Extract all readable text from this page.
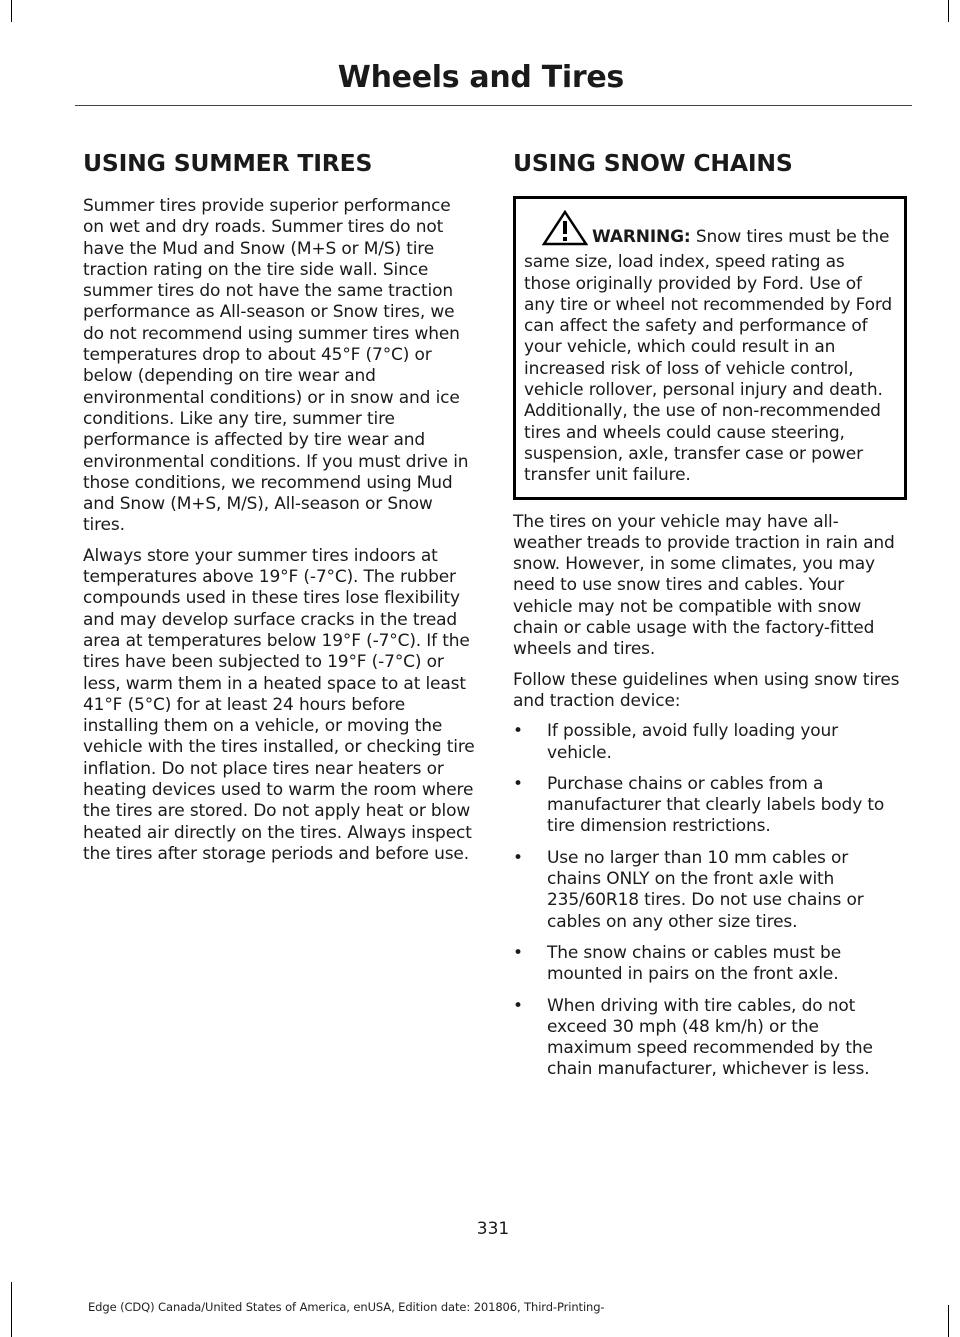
Wheels and Tires
USING SUMMER TIRES

Summer tires provide superior performance on wet and dry roads. Summer tires do not have the Mud and Snow (M+S or M/S) tire traction rating on the tire side wall. Since summer tires do not have the same traction performance as All-season or Snow tires, we do not recommend using summer tires when temperatures drop to about 45°F (7°C) or below (depending on tire wear and environmental conditions) or in snow and ice conditions. Like any tire, summer tire performance is affected by tire wear and environmental conditions. If you must drive in those conditions, we recommend using Mud and Snow (M+S, M/S), All-season or Snow tires.

Always store your summer tires indoors at temperatures above 19°F (-7°C). The rubber compounds used in these tires lose flexibility and may develop surface cracks in the tread area at temperatures below 19°F (-7°C). If the tires have been subjected to 19°F (-7°C) or less, warm them in a heated space to at least 41°F (5°C) for at least 24 hours before installing them on a vehicle, or moving the vehicle with the tires installed, or checking tire inflation. Do not place tires near heaters or heating devices used to warm the room where the tires are stored. Do not apply heat or blow heated air directly on the tires. Always inspect the tires after storage periods and before use.

USING SNOW CHAINS
WARNING: Snow tires must be the same size, load index, speed rating as those originally provided by Ford. Use of any tire or wheel not recommended by Ford can affect the safety and performance of your vehicle, which could result in an increased risk of loss of vehicle control, vehicle rollover, personal injury and death. Additionally, the use of non-recommended tires and wheels could cause steering, suspension, axle, transfer case or power transfer unit failure.

The tires on your vehicle may have all-weather treads to provide traction in rain and snow. However, in some climates, you may need to use snow tires and cables. Your vehicle may not be compatible with snow chain or cable usage with the factory-fitted wheels and tires.

Follow these guidelines when using snow tires and traction device:

• If possible, avoid fully loading your vehicle.
• Purchase chains or cables from a manufacturer that clearly labels body to tire dimension restrictions.
• Use no larger than 10 mm cables or chains ONLY on the front axle with 235/60R18 tires. Do not use chains or cables on any other size tires.
• The snow chains or cables must be mounted in pairs on the front axle.
• When driving with tire cables, do not exceed 30 mph (48 km/h) or the maximum speed recommended by the chain manufacturer, whichever is less.
331
Edge (CDQ) Canada/United States of America, enUSA, Edition date: 201806, Third-Printing-
